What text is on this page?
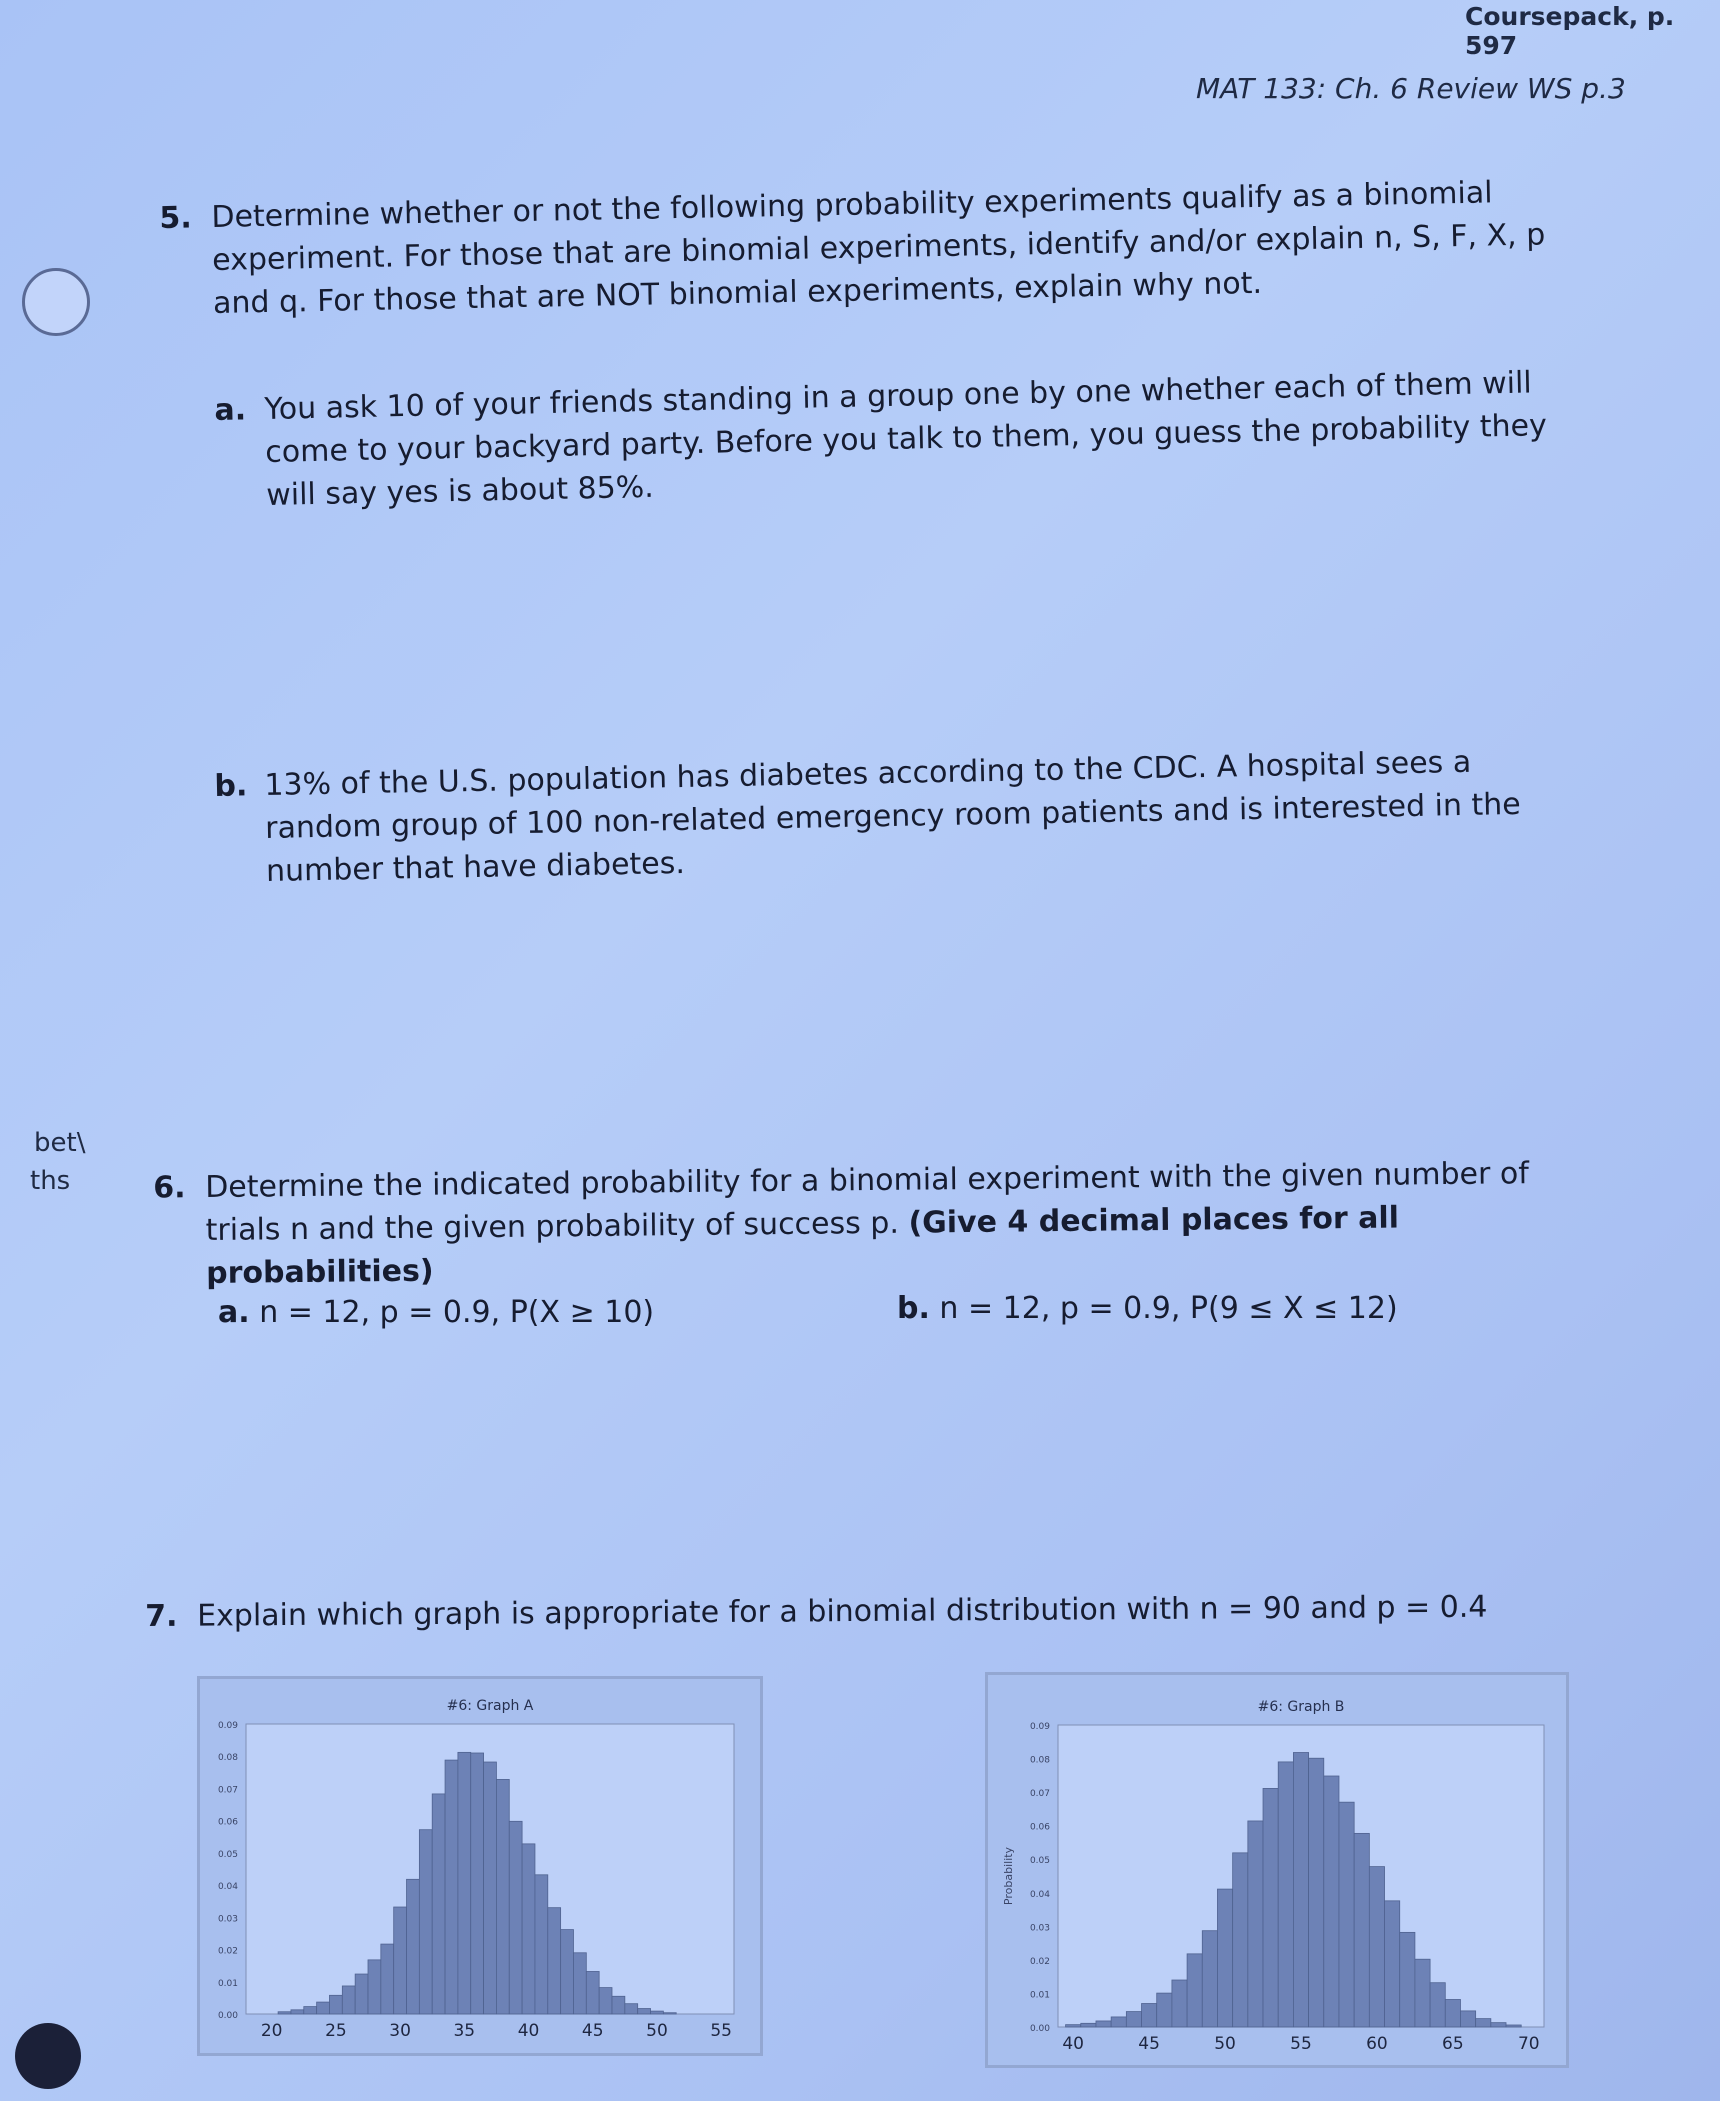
Coursepack, p. 597
MAT 133: Ch. 6 Review WS p.3
bet\
ths
5. Determine whether or not the following probability experiments qualify as a binomial experiment. For those that are binomial experiments, identify and/or explain n, S, F, X, p and q. For those that are NOT binomial experiments, explain why not.
a. You ask 10 of your friends standing in a group one by one whether each of them will come to your backyard party. Before you talk to them, you guess the probability they will say yes is about 85%.
b. 13% of the U.S. population has diabetes according to the CDC. A hospital sees a random group of 100 non-related emergency room patients and is interested in the number that have diabetes.
6. Determine the indicated probability for a binomial experiment with the given number of trials n and the given probability of success p. (Give 4 decimal places for all probabilities)
a. n = 12, p = 0.9, P(X ≥ 10)	b. n = 12, p = 0.9, P(9 ≤ X ≤ 12)
7. Explain which graph is appropriate for a binomial distribution with n = 90 and p = 0.4
#6: Graph A
0.00
0.01
0.02
0.03
0.04
0.05
0.06
0.07
0.08
0.09
20	25	30	35	40	45	50	55
#6: Graph B
0.00
0.01
0.02
0.03
0.04
0.05
0.06
0.07
0.08
0.09
40	45	50	55	60	65	70
Probability
